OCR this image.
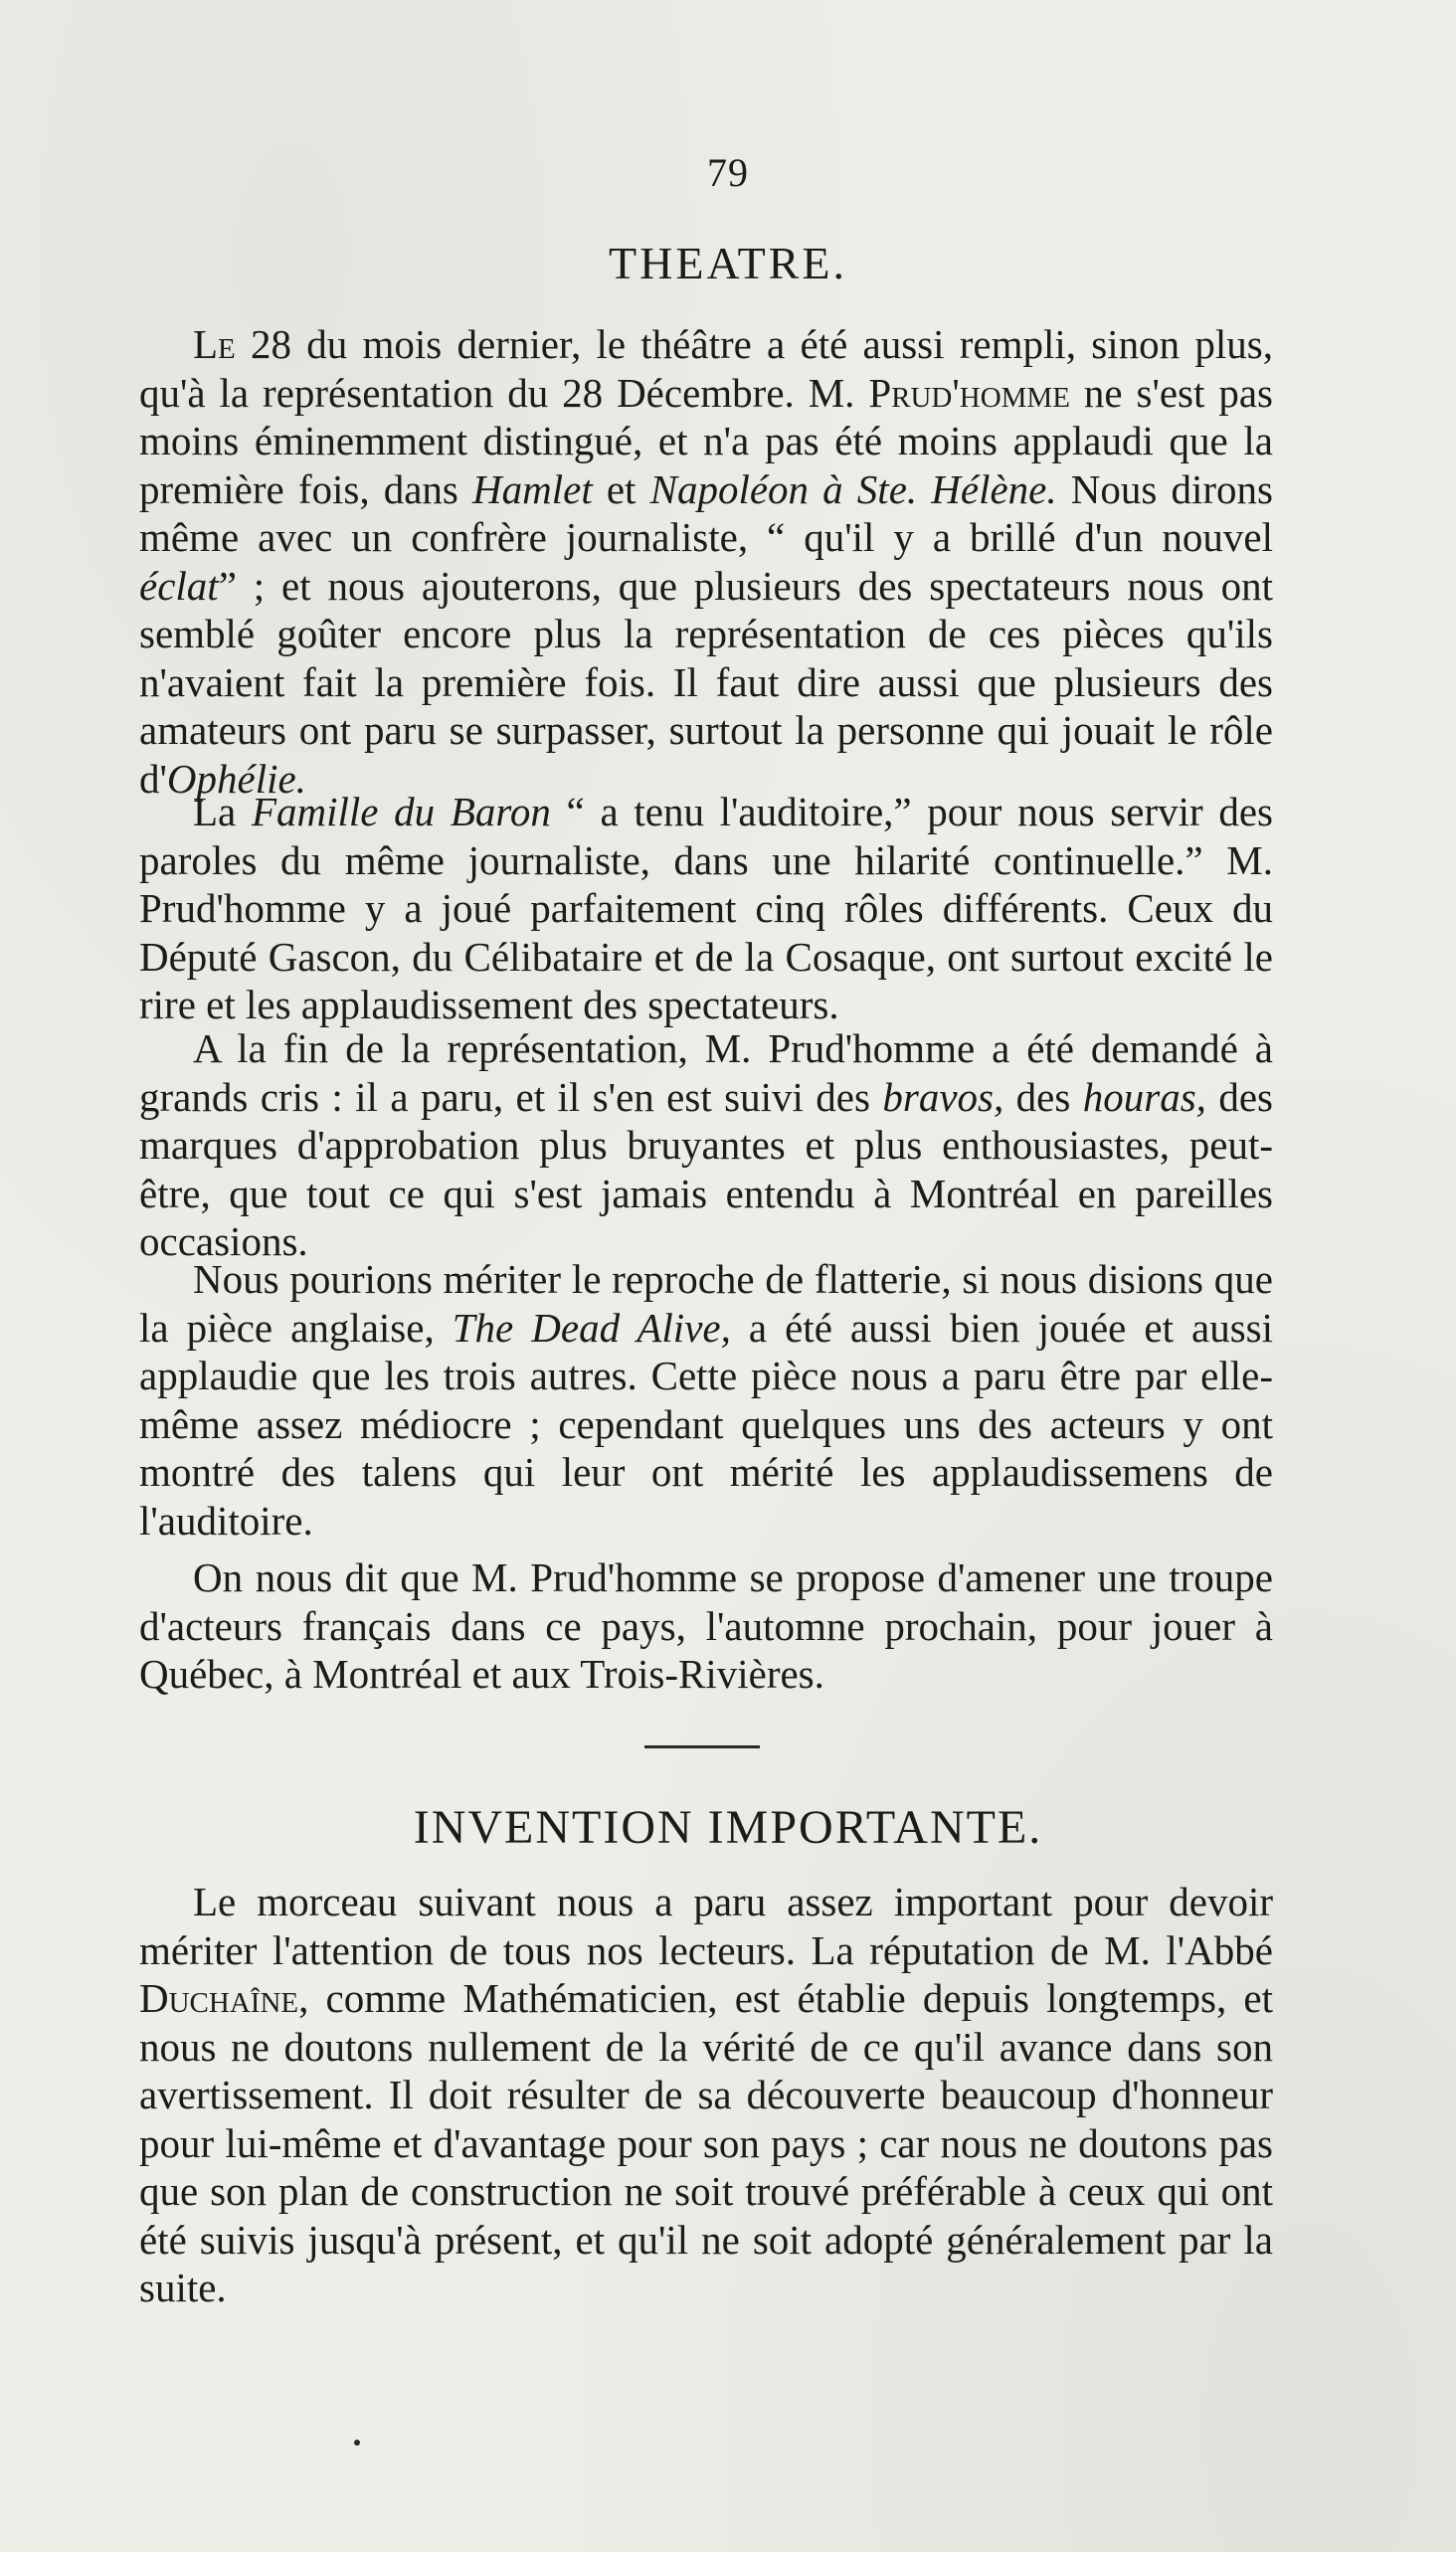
79
THEATRE.

Le 28 du mois dernier, le théâtre a été aussi rempli, sinon plus, qu'à la représentation du 28 Décembre. M. Prud'homme ne s'est pas moins éminemment distingué, et n'a pas été moins applaudi que la première fois, dans Hamlet et Napoléon à Ste. Hélène. Nous dirons même avec un confrère journaliste, “ qu'il y a brillé d'un nouvel éclat” ; et nous ajouterons, que plusieurs des spectateurs nous ont semblé goûter encore plus la représentation de ces pièces qu'ils n'avaient fait la première fois. Il faut dire aussi que plusieurs des amateurs ont paru se surpasser, surtout la personne qui jouait le rôle d'Ophélie.

La Famille du Baron “ a tenu l'auditoire,” pour nous servir des paroles du même journaliste, dans une hilarité continuelle.” M. Prud'homme y a joué parfaitement cinq rôles différents. Ceux du Député Gascon, du Célibataire et de la Cosaque, ont surtout excité le rire et les applaudissement des spectateurs.

A la fin de la représentation, M. Prud'homme a été demandé à grands cris : il a paru, et il s'en est suivi des bravos, des houras, des marques d'approbation plus bruyantes et plus enthousiastes, peut-être, que tout ce qui s'est jamais entendu à Montréal en pareilles occasions.

Nous pourions mériter le reproche de flatterie, si nous disions que la pièce anglaise, The Dead Alive, a été aussi bien jouée et aussi applaudie que les trois autres. Cette pièce nous a paru être par elle-même assez médiocre ; cependant quelques uns des acteurs y ont montré des talens qui leur ont mérité les applaudissemens de l'auditoire.

On nous dit que M. Prud'homme se propose d'amener une troupe d'acteurs français dans ce pays, l'automne prochain, pour jouer à Québec, à Montréal et aux Trois-Rivières.

INVENTION IMPORTANTE.

Le morceau suivant nous a paru assez important pour devoir mériter l'attention de tous nos lecteurs. La réputation de M. l'Abbé Duchaîne, comme Mathématicien, est établie depuis longtemps, et nous ne doutons nullement de la vérité de ce qu'il avance dans son avertissement. Il doit résulter de sa découverte beaucoup d'honneur pour lui-même et d'avantage pour son pays ; car nous ne doutons pas que son plan de construction ne soit trouvé préférable à ceux qui ont été suivis jusqu'à présent, et qu'il ne soit adopté généralement par la suite.
